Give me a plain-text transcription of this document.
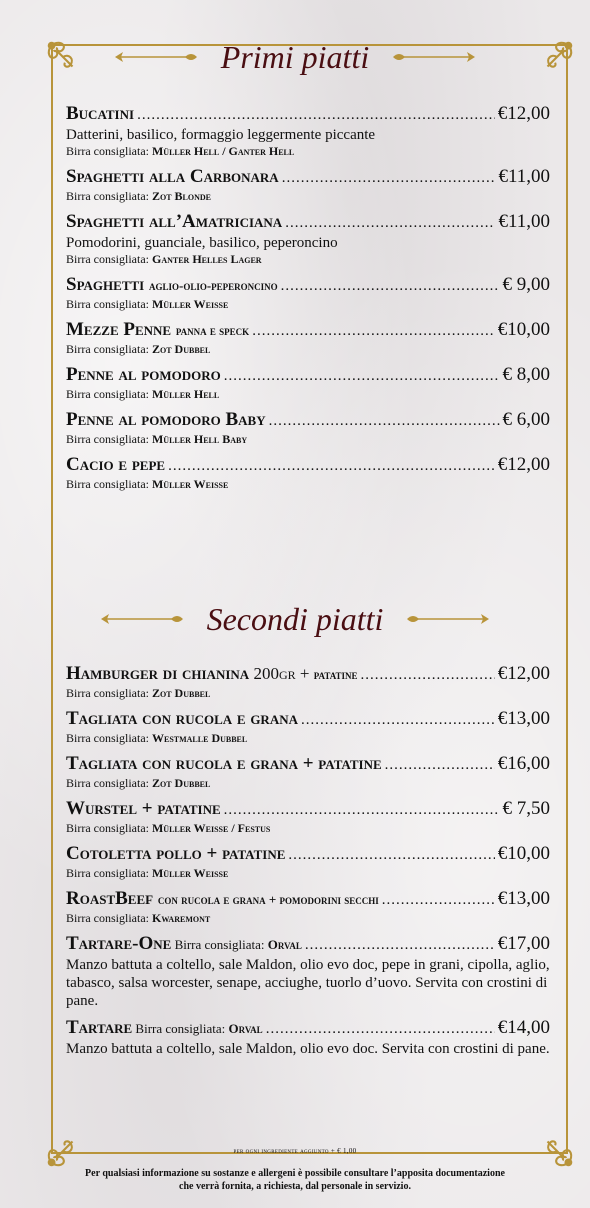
Primi piatti
Bucatini .....	€12,00
Datterini, basilico, formaggio leggermente piccante
Birra consigliata: Müller Hell / Ganter Hell
Spaghetti alla Carbonara .....	€11,00
Birra consigliata: Zot Blonde
Spaghetti all’Amatriciana .....	€11,00
Pomodorini, guanciale, basilico, peperoncino
Birra consigliata: Ganter Helles Lager
Spaghetti aglio-olio-peperoncino .....	€ 9,00
Birra consigliata: Müller Weisse
Mezze Penne panna e speck .....	€10,00
Birra consigliata: Zot Dubbel
Penne al pomodoro .....	€ 8,00
Birra consigliata: Müller Hell
Penne al pomodoro Baby .....	€ 6,00
Birra consigliata: Müller Hell Baby
Cacio e pepe .....	€12,00
Birra consigliata: Müller Weisse
Secondi piatti
Hamburger di chianina 200gr + patatine .....	€12,00
Birra consigliata: Zot Dubbel
Tagliata con rucola e grana .....	€13,00
Birra consigliata: Westmalle Dubbel
Tagliata con rucola e grana + patatine .....	€16,00
Birra consigliata: Zot Dubbel
Wurstel + patatine .....	€ 7,50
Birra consigliata: Müller Weisse / Festus
Cotoletta pollo + patatine .....	€10,00
Birra consigliata: Müller Weisse
RoastBeef con rucola e grana + pomodorini secchi .....	€13,00
Birra consigliata: Kwaremont
Tartare-One Birra consigliata: Orval .....	€17,00
Manzo battuta a coltello, sale Maldon, olio evo doc, pepe in grani, cipolla, aglio, tabasco, salsa worcester, senape, acciughe, tuorlo d’uovo. Servita con crostini di pane.
Tartare Birra consigliata: Orval .....	€14,00
Manzo battuta a coltello, sale Maldon, olio evo doc. Servita con crostini di pane.
per ogni ingrediente aggiunto + € 1,00
Per qualsiasi informazione su sostanze e allergeni è possibile consultare l’apposita documentazione
che verrà fornita, a richiesta, dal personale in servizio.
